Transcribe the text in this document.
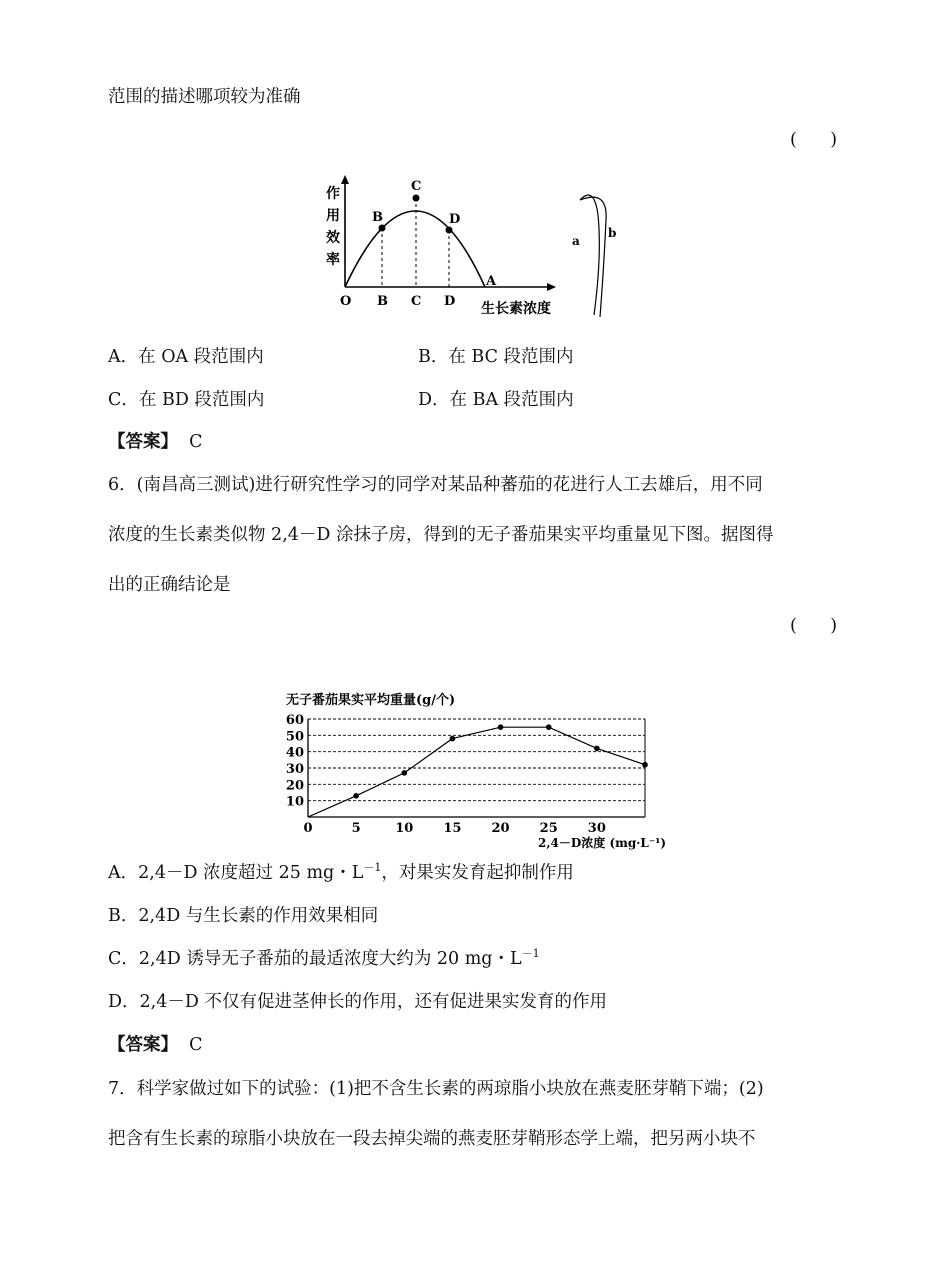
范围的描述哪项较为准确
(      )
作
用
效
率
B
C
D
A
O B C D 生长素浓度
a
b
A．在 OA 段范围内	B．在 BC 段范围内
C．在 BD 段范围内	D．在 BA 段范围内
【答案】 C
6．(南昌高三测试)进行研究性学习的同学对某品种蕃茄的花进行人工去雄后，用不同
浓度的生长素类似物 2,4－D 涂抹子房，得到的无子番茄果实平均重量见下图。据图得
出的正确结论是
(      )
无子番茄果实平均重量(g/个)
10
20
30
40
50
60
0	5	10 15 20 25 30
2,4－D浓度 (mg·L⁻¹)
A．2,4－D 浓度超过 25 mg・$L^{-1}$，对果实发育起抑制作用
B．2,4D 与生长素的作用效果相同
C．2,4D 诱导无子番茄的最适浓度大约为 20 mg・$L^{-1}$
D．2,4－D 不仅有促进茎伸长的作用，还有促进果实发育的作用
【答案】 C
7．科学家做过如下的试验：(1)把不含生长素的两琼脂小块放在燕麦胚芽鞘下端；(2)
把含有生长素的琼脂小块放在一段去掉尖端的燕麦胚芽鞘形态学上端，把另两小块不
